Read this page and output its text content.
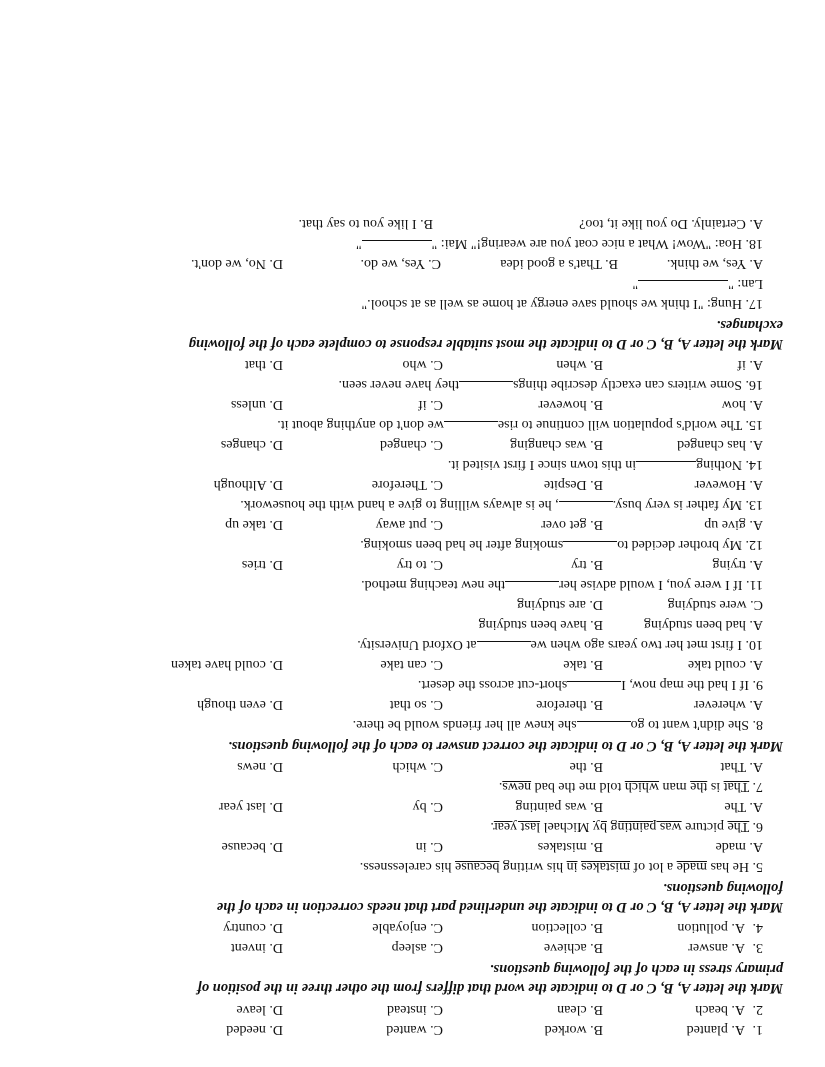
1.
A. planted
B. worked
C. wanted
D. needed
2.
A. beach
B. clean
C. instead
D. leave
Mark the letter A, B, C or D to indicate the word that differs from the other three in the position of
primary stress in each of the following questions.
3.
A. answer
B. achieve
C. asleep
D. invent
4.
A. pollution
B. collection
C. enjoyable
D. country
Mark the letter A, B, C or D to indicate the underlined part that needs correction in each of the
following questions.
5. He has made a lot of mistakes in his writing because his carelessness.
A. made
B. mistakes
C. in
D. because
6. The picture was painting by Michael last year.
A. The
B. was painting
C. by
D. last year
7. That is the man which told me the bad news.
A. That
B. the
C. which
D. news
Mark the letter A, B, C or D to indicate the correct answer to each of the following questions.
8. She didn't want to goshe knew all her friends would be there.
A. wherever
B. therefore
C. so that
D. even though
9. If I had the map now, Ishort-cut across the desert.
A. could take
B. take
C. can take
D. could have taken
10. I first met her two years ago when weat Oxford University.
A. had been studying
B. have been studying
C. were studying
D. are studying
11. If I were you, I would advise herthe new teaching method.
A. trying
B. try
C. to try
D. tries
12. My brother decided tosmoking after he had been smoking.
A. give up
B. get over
C. put away
D. take up
13. My father is very busy., he is always willing to give a hand with the housework.
A. However
B. Despite
C. Therefore
D. Although
14. Nothingin this town since I first visited it.
A. has changed
B. was changing
C. changed
D. changes
15. The world's population will continue to risewe don't do anything about it.
A. how
B. however
C. if
D. unless
16. Some writers can exactly describe thingsthey have never seen.
A. if
B. when
C. who
D. that
Mark the letter A, B, C or D to indicate the most suitable response to complete each of the following
exchanges.
17. Hung: "I think we should save energy at home as well as at school."
Lan: ""
A. Yes, we think.
B. That's a good idea
C. Yes, we do.
D. No, we don't.
18. Hoa: "Wow! What a nice coat you are wearing!" Mai: ""
A. Certainly. Do you like it, too?
B. I like you to say that.
